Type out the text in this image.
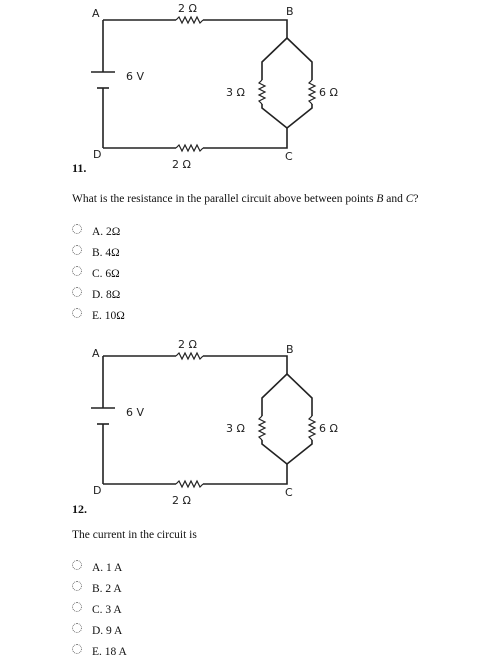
A	B
C
D
6 V
2 Ω
2 Ω
3 Ω	6 Ω
11.
What is the resistance in the parallel circuit above between points B and C?
A. 2Ω
B. 4Ω
C. 6Ω
D. 8Ω
E. 10Ω
A	B
C
D
6 V
2 Ω
2 Ω
3 Ω	6 Ω
12.
The current in the circuit is
A. 1 A
B. 2 A
C. 3 A
D. 9 A
E. 18 A
